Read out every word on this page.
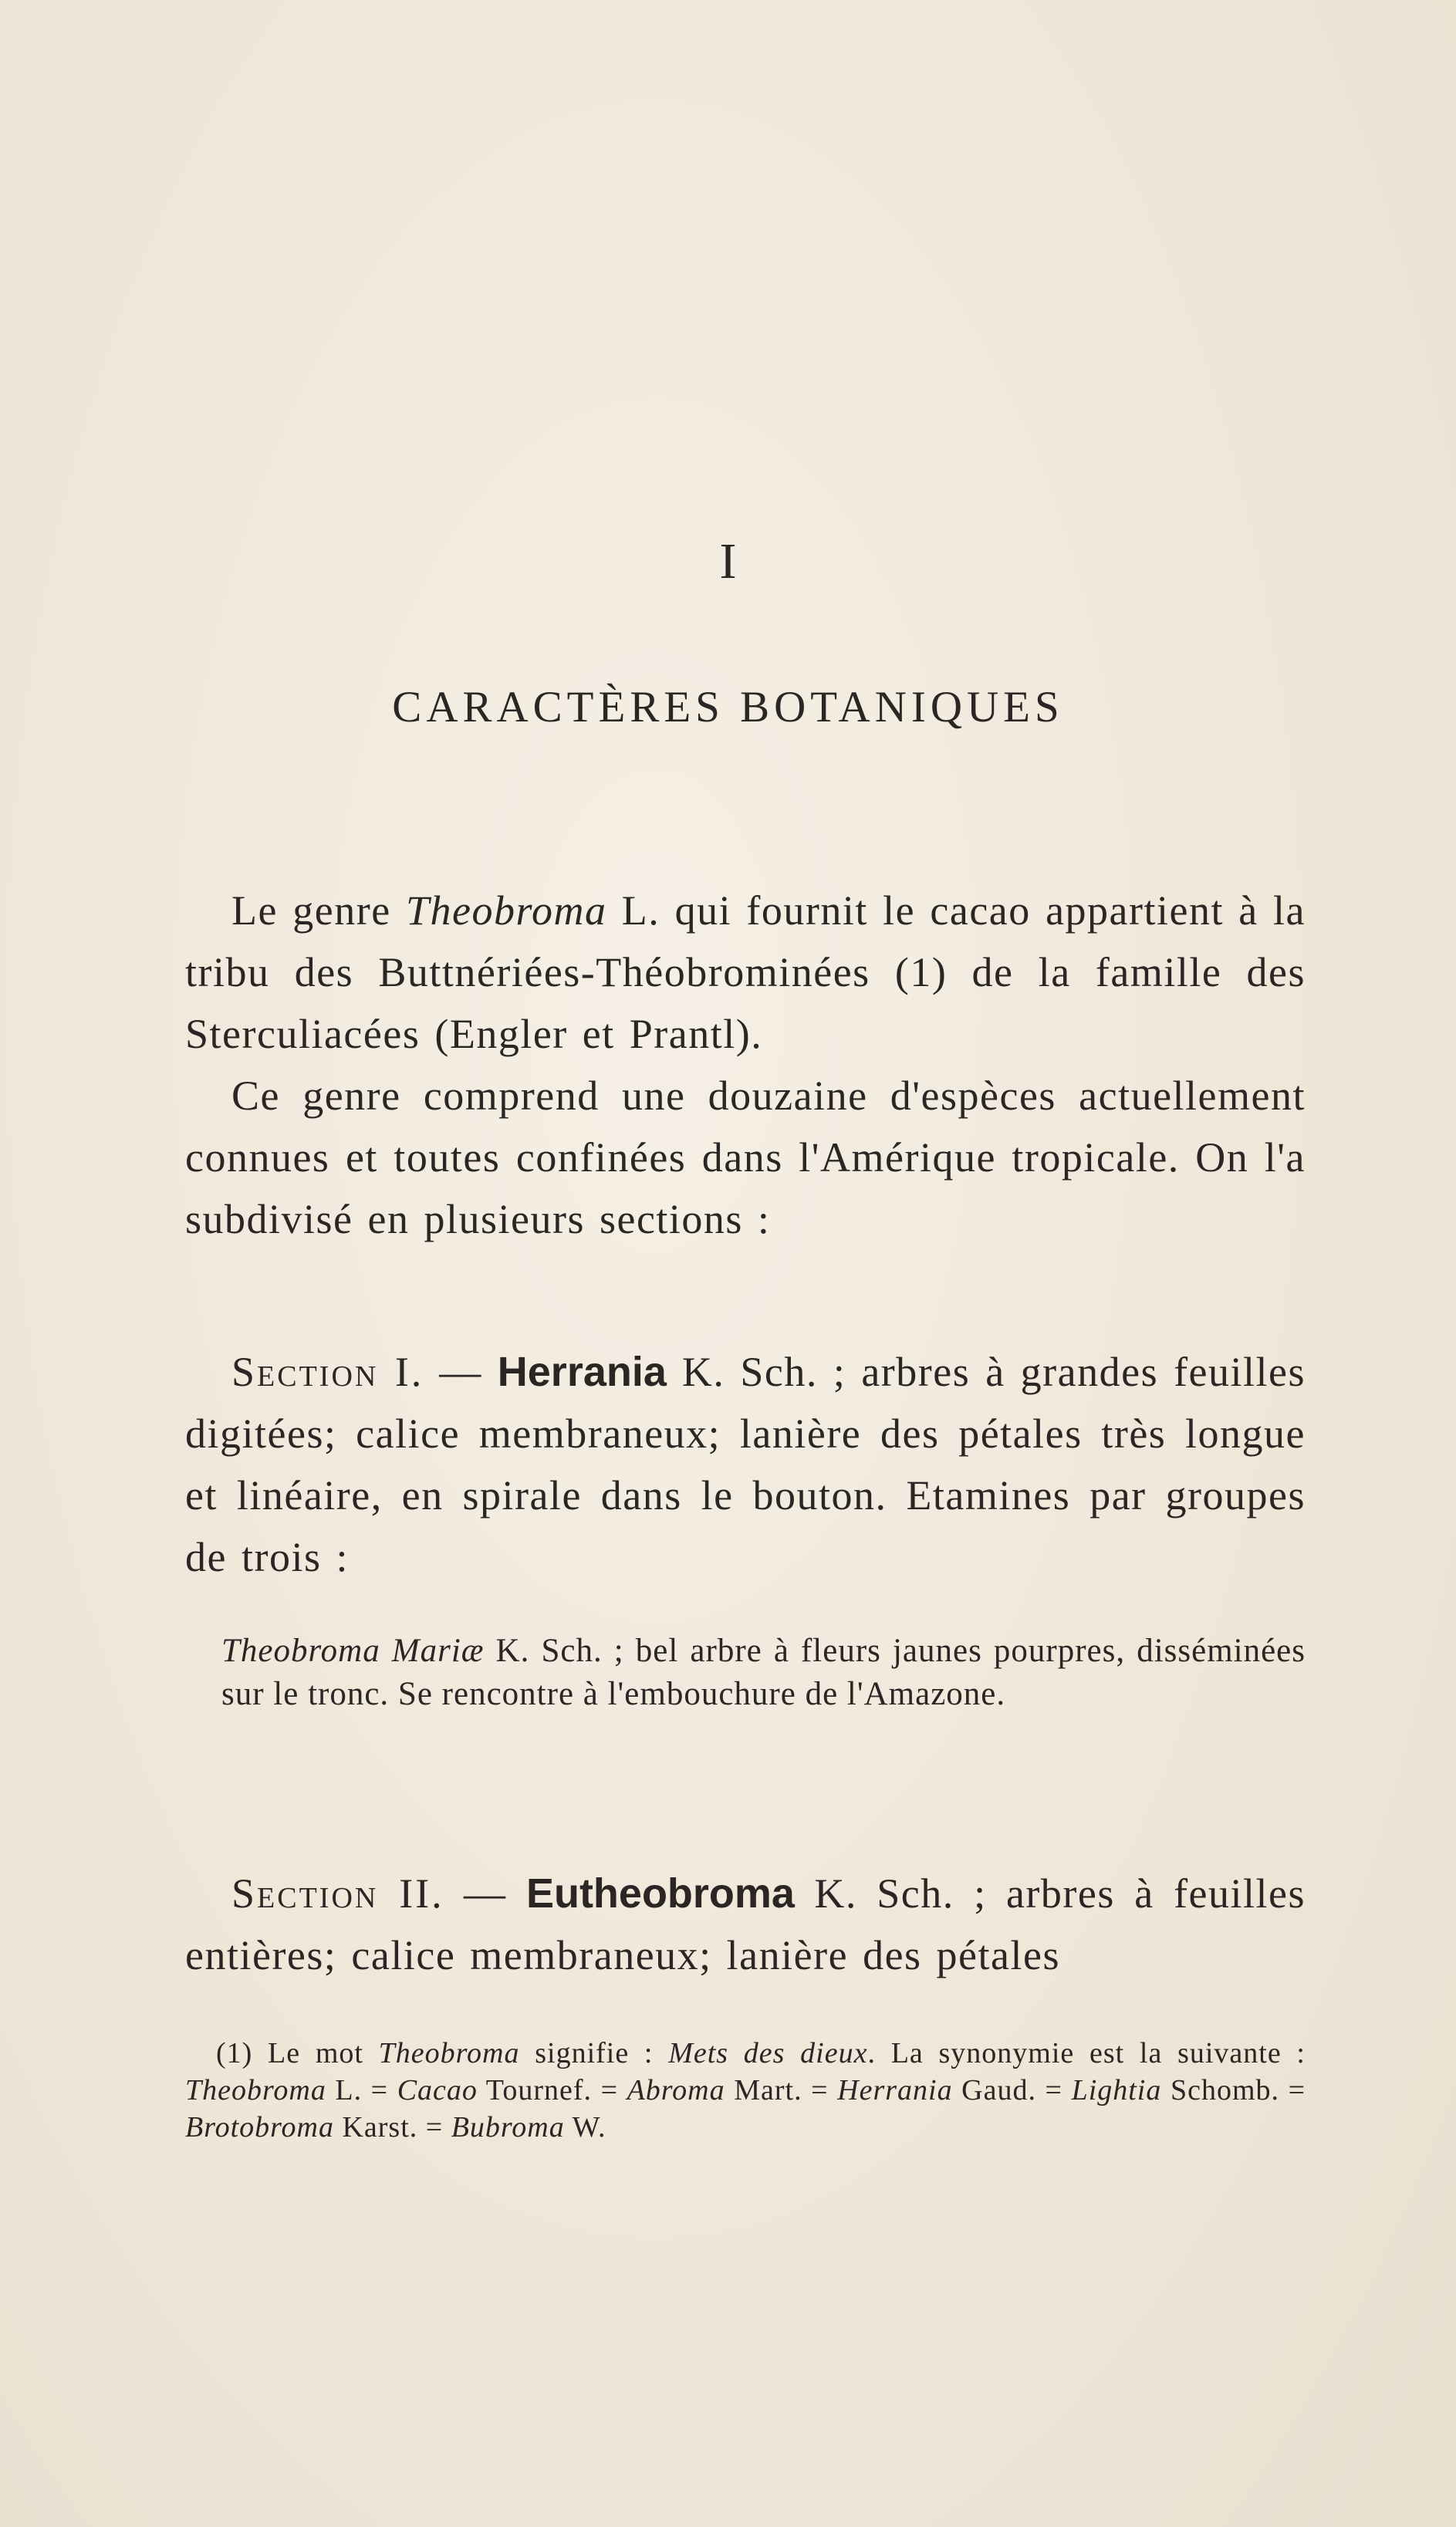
I
CARACTÈRES BOTANIQUES

Le genre Theobroma L. qui fournit le cacao appartient à la tribu des Buttnériées-Théobrominées (1) de la famille des Sterculiacées (Engler et Prantl).

Ce genre comprend une douzaine d'espèces actuellement connues et toutes confinées dans l'Amérique tropicale. On l'a subdivisé en plusieurs sections :

Section I. — Herrania K. Sch. ; arbres à grandes feuilles digitées; calice membraneux; lanière des pétales très longue et linéaire, en spirale dans le bouton. Etamines par groupes de trois :

Theobroma Mariæ K. Sch. ; bel arbre à fleurs jaunes pourpres, disséminées sur le tronc. Se rencontre à l'embouchure de l'Amazone.

Section II. — Eutheobroma K. Sch. ; arbres à feuilles entières; calice membraneux; lanière des pétales

(1) Le mot Theobroma signifie : Mets des dieux. La synonymie est la suivante : Theobroma L. = Cacao Tournef. = Abroma Mart. = Herrania Gaud. = Lightia Schomb. = Brotobroma Karst. = Bubroma W.
